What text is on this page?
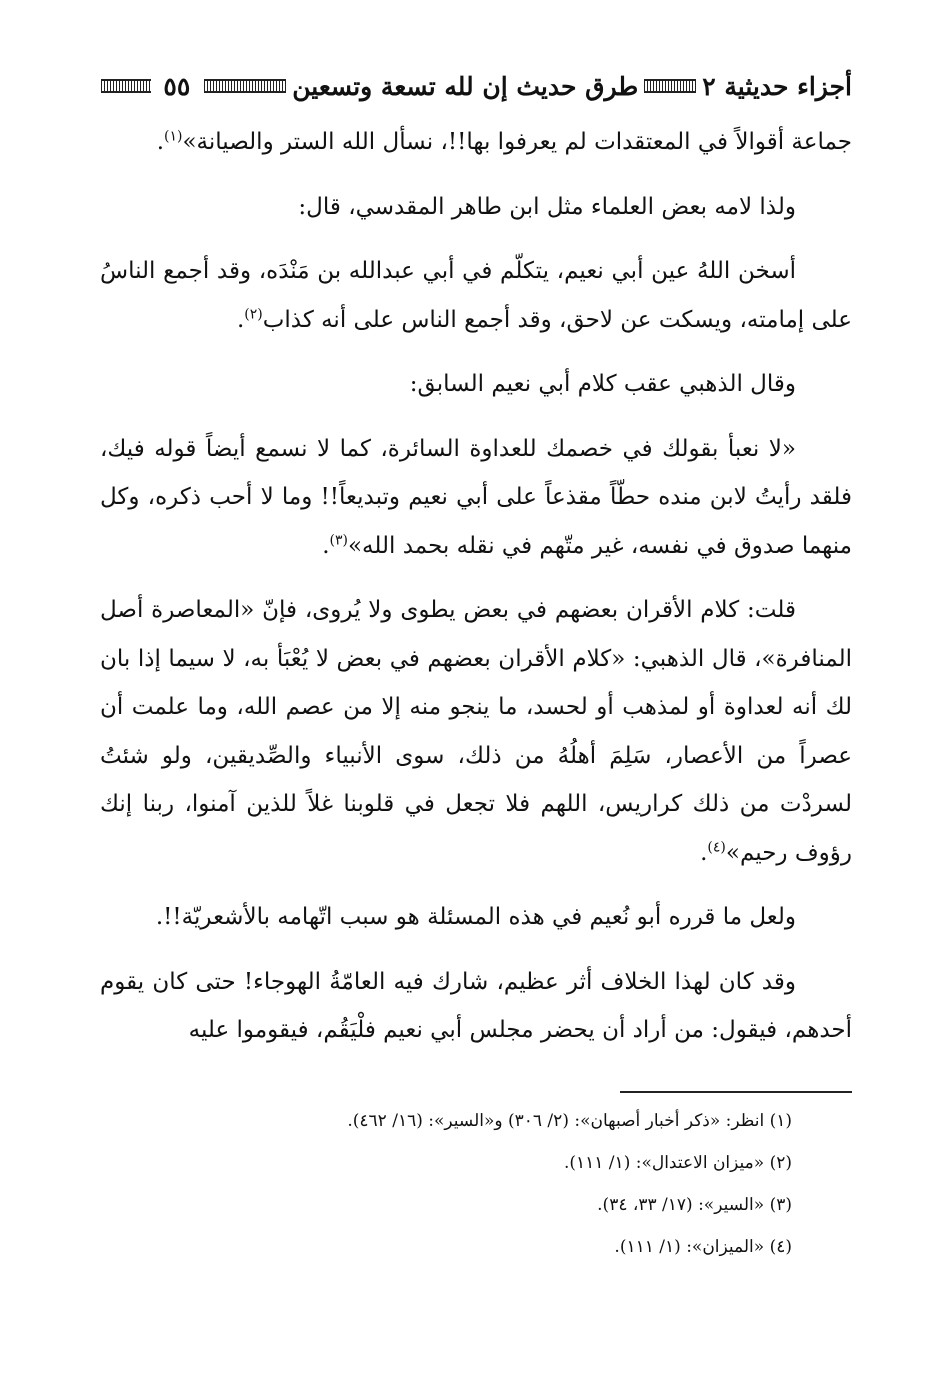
أجزاء حديثية ٢
طرق حديث إن لله تسعة وتسعين
٥٥

جماعة أقوالاً في المعتقدات لم يعرفوا بها!!، نسأل الله الستر والصيانة»$^{(١)}$.

ولذا لامه بعض العلماء مثل ابن طاهر المقدسي، قال:

أسخن اللهُ عين أبي نعيم، يتكلّم في أبي عبدالله بن مَنْدَه، وقد أجمع الناسُ على إمامته، ويسكت عن لاحق، وقد أجمع الناس على أنه كذاب$^{(٢)}$.

وقال الذهبي عقب كلام أبي نعيم السابق:

«لا نعبأ بقولك في خصمك للعداوة السائرة، كما لا نسمع أيضاً قوله فيك، فلقد رأيتُ لابن منده حطّاً مقذعاً على أبي نعيم وتبديعاً!! وما لا أحب ذكره، وكل منهما صدوق في نفسه، غير متّهم في نقله بحمد الله»$^{(٣)}$.

قلت: كلام الأقران بعضهم في بعض يطوى ولا يُروى، فإنّ «المعاصرة أصل المنافرة»، قال الذهبي: «كلام الأقران بعضهم في بعض لا يُعْبَأ به، لا سيما إذا بان لك أنه لعداوة أو لمذهب أو لحسد، ما ينجو منه إلا من عصم الله، وما علمت أن عصراً من الأعصار، سَلِمَ أهلُهُ من ذلك، سوى الأنبياء والصِّديقين، ولو شئتُ لسردْت من ذلك كراريس، اللهم فلا تجعل في قلوبنا غلاً للذين آمنوا، ربنا إنك رؤوف رحيم»$^{(٤)}$.

ولعل ما قرره أبو نُعيم في هذه المسئلة هو سبب اتّهامه بالأشعريّة!!.

وقد كان لهذا الخلاف أثر عظيم، شارك فيه العامّةُ الهوجاء! حتى كان يقوم أحدهم، فيقول: من أراد أن يحضر مجلس أبي نعيم فلْيَقُم، فيقوموا عليه

(١) انظر: «ذكر أخبار أصبهان»: (٢/ ٣٠٦) و«السير»: (١٦/ ٤٦٢).

(٢) «ميزان الاعتدال»: (١/ ١١١).

(٣) «السير»: (١٧/ ٣٣، ٣٤).

(٤) «الميزان»: (١/ ١١١).
